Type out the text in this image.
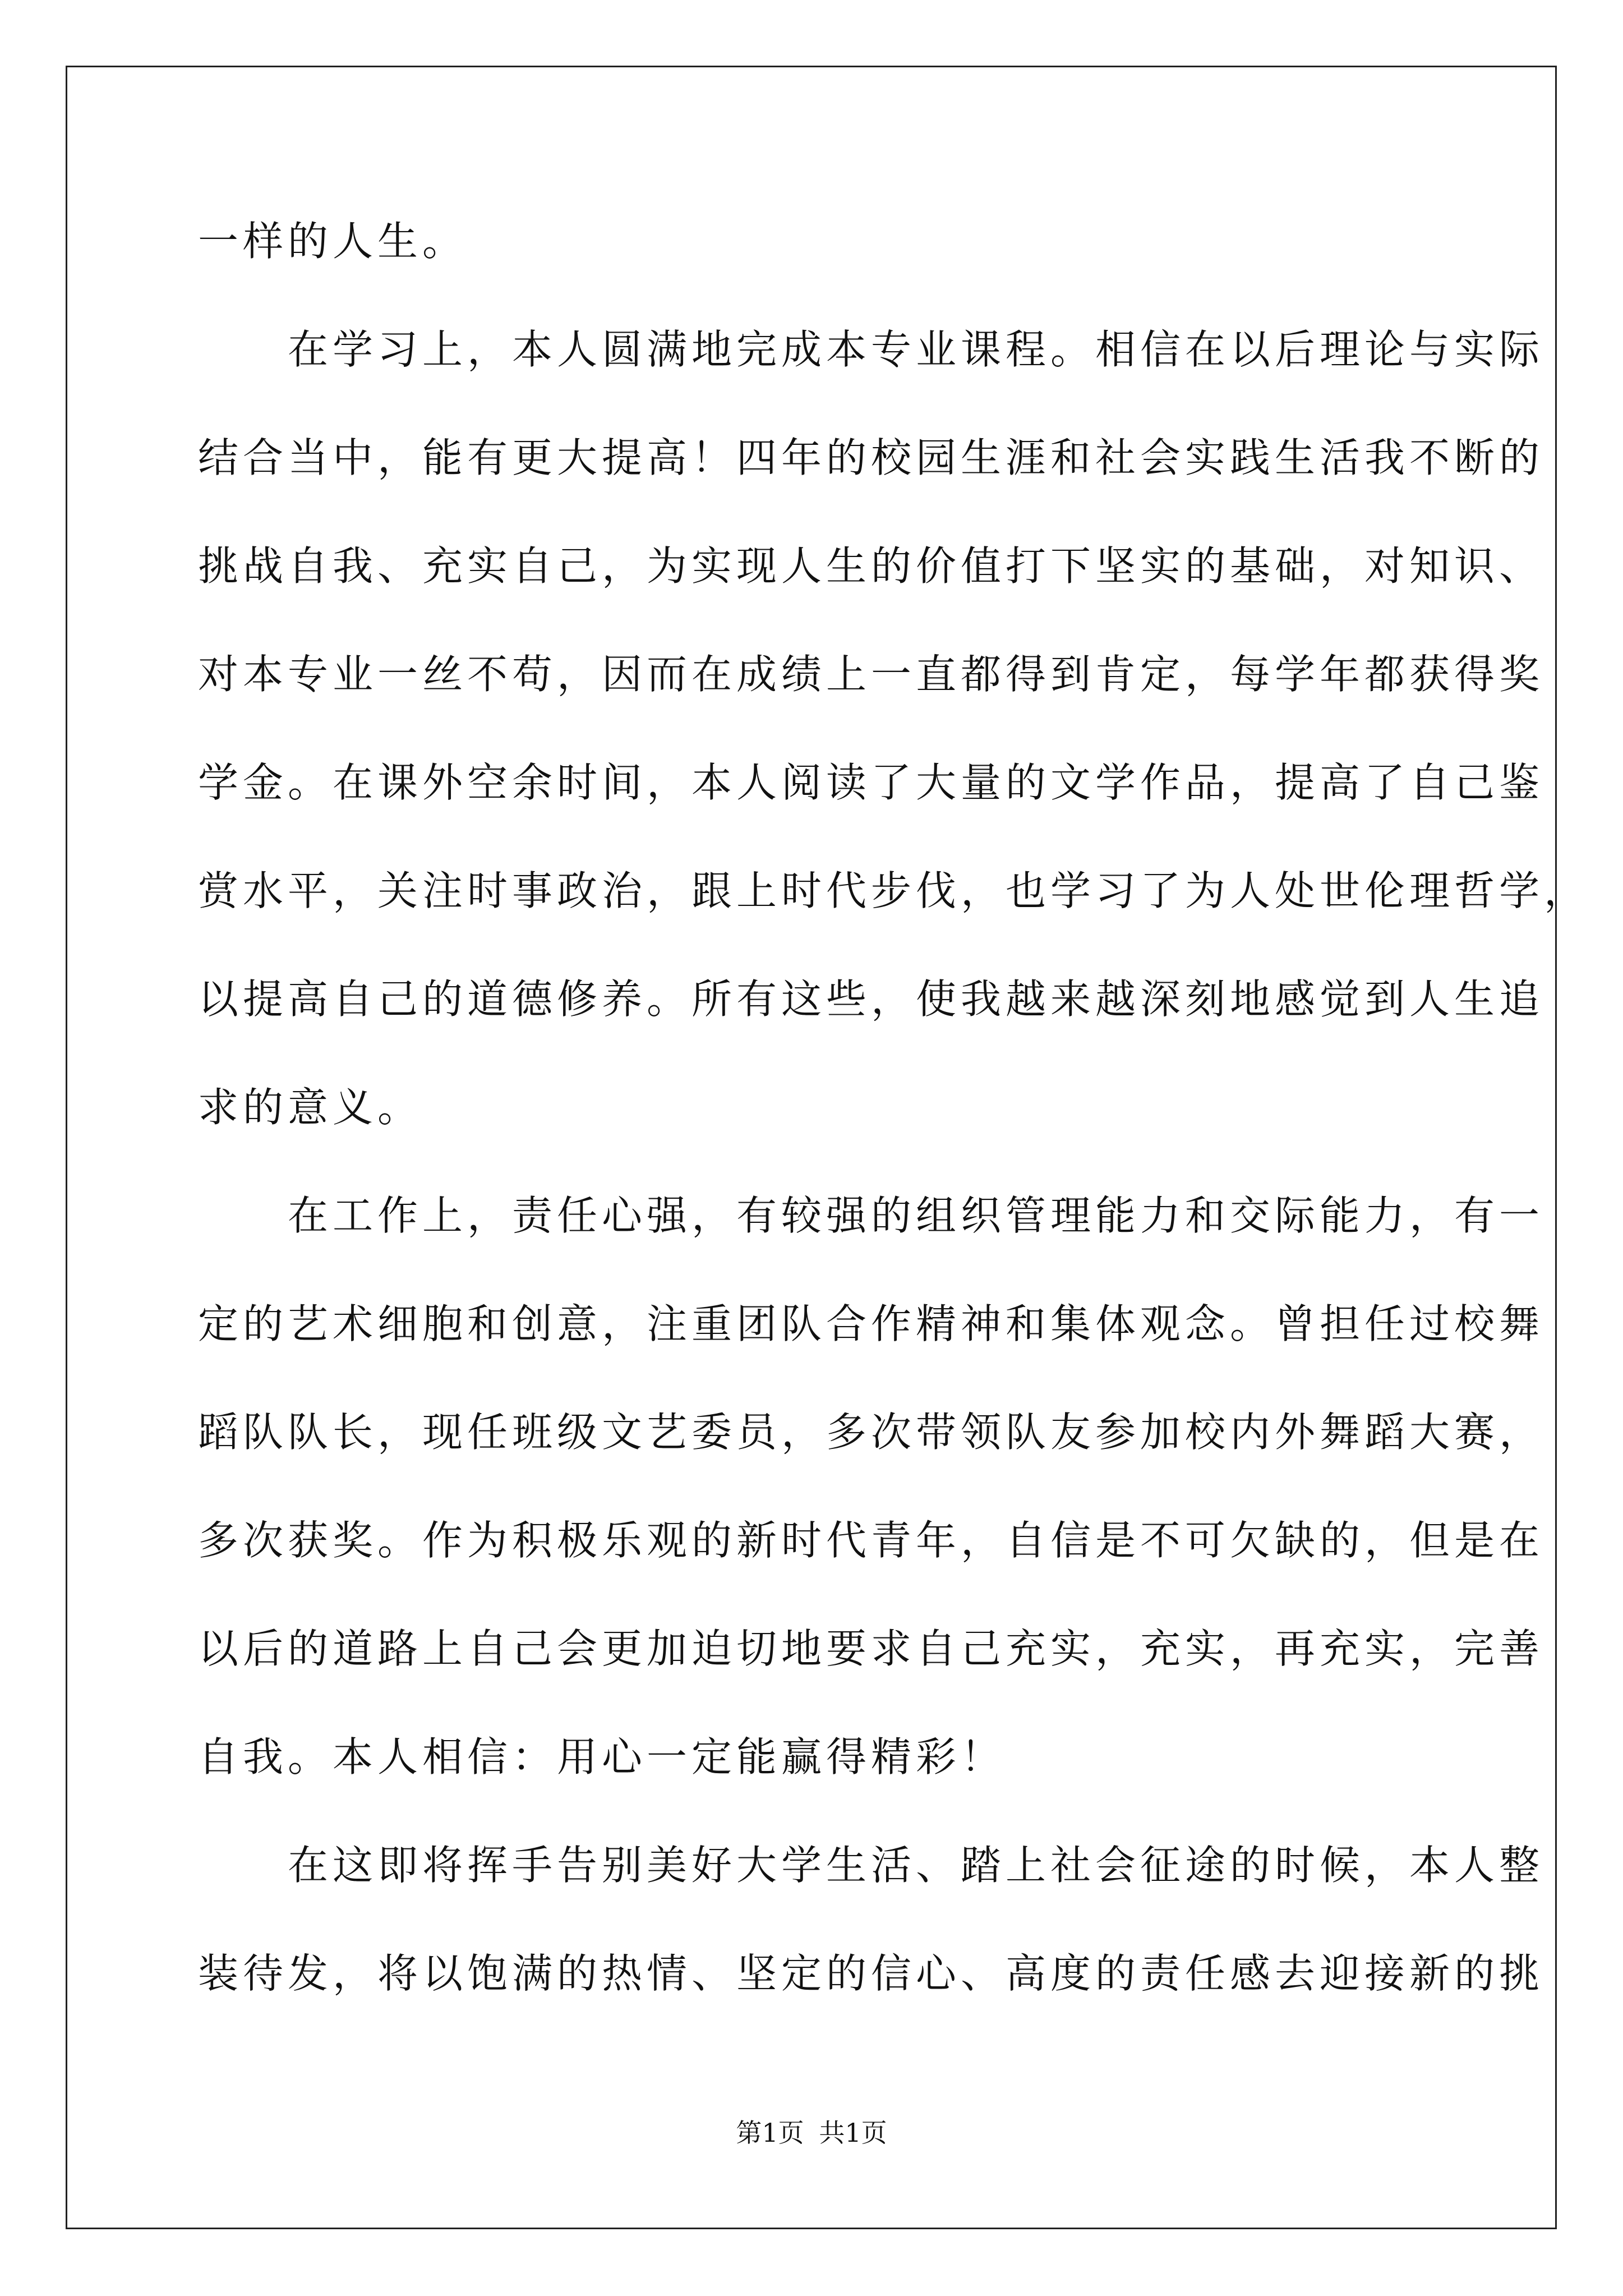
一样的人生。
在学习上，本人圆满地完成本专业课程。相信在以后理论与实际
结合当中，能有更大提高！四年的校园生涯和社会实践生活我不断的
挑战自我、充实自己，为实现人生的价值打下坚实的基础，对知识、
对本专业一丝不苟，因而在成绩上一直都得到肯定，每学年都获得奖
学金。在课外空余时间，本人阅读了大量的文学作品，提高了自己鉴
赏水平，关注时事政治，跟上时代步伐，也学习了为人处世伦理哲学，
以提高自己的道德修养。所有这些，使我越来越深刻地感觉到人生追
求的意义。
在工作上，责任心强，有较强的组织管理能力和交际能力，有一
定的艺术细胞和创意，注重团队合作精神和集体观念。曾担任过校舞
蹈队队长，现任班级文艺委员，多次带领队友参加校内外舞蹈大赛，
多次获奖。作为积极乐观的新时代青年，自信是不可欠缺的，但是在
以后的道路上自己会更加迫切地要求自己充实，充实，再充实，完善
自我。本人相信：用心一定能赢得精彩！
在这即将挥手告别美好大学生活、踏上社会征途的时候，本人整
装待发，将以饱满的热情、坚定的信心、高度的责任感去迎接新的挑
第1页 共1页
